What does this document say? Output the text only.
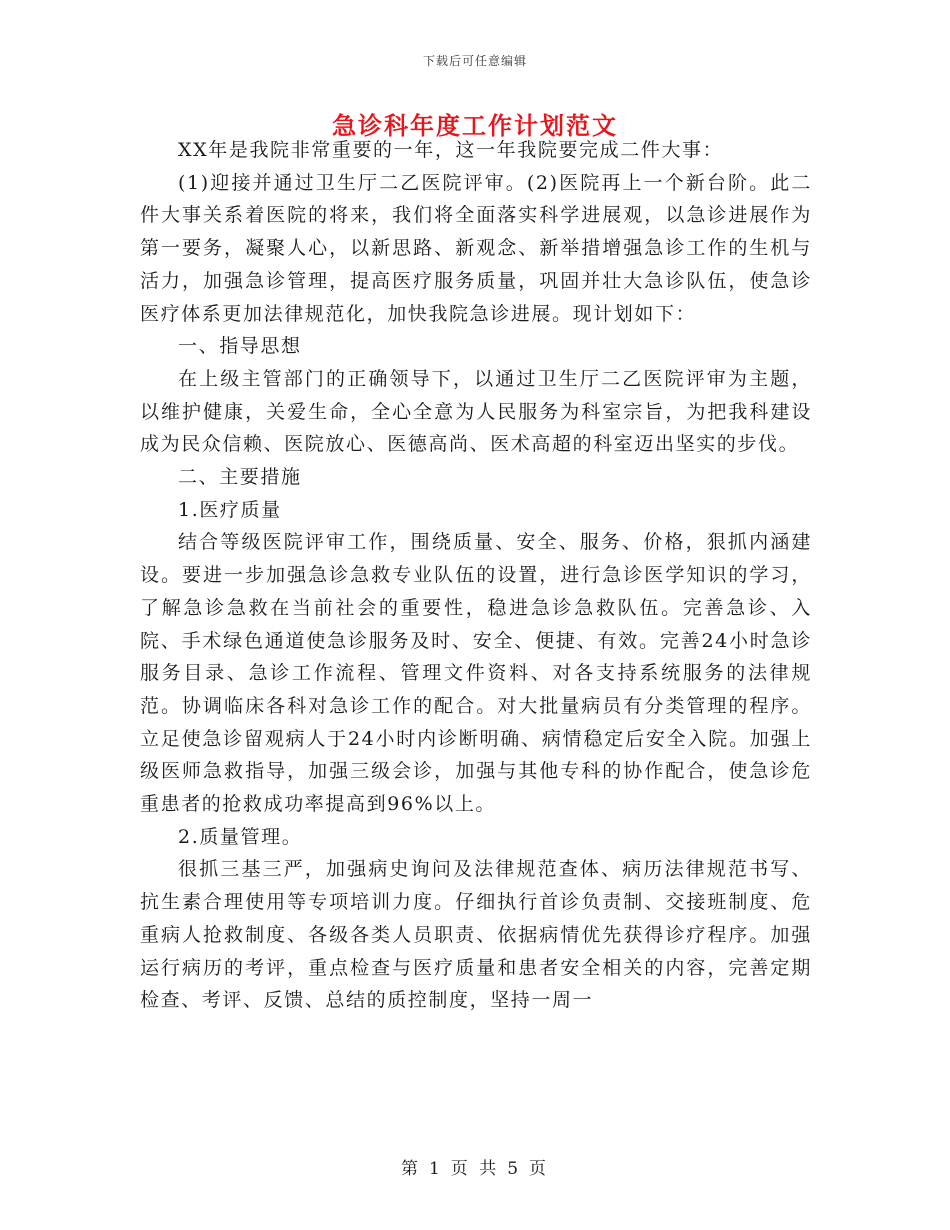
下载后可任意编辑
急诊科年度工作计划范文

XX年是我院非常重要的一年，这一年我院要完成二件大事：

(1)迎接并通过卫生厅二乙医院评审。(2)医院再上一个新台阶。此二件大事关系着医院的将来，我们将全面落实科学进展观，以急诊进展作为第一要务，凝聚人心，以新思路、新观念、新举措增强急诊工作的生机与活力，加强急诊管理，提高医疗服务质量，巩固并壮大急诊队伍，使急诊医疗体系更加法律规范化，加快我院急诊进展。现计划如下：

一、指导思想

在上级主管部门的正确领导下，以通过卫生厅二乙医院评审为主题，以维护健康，关爱生命，全心全意为人民服务为科室宗旨，为把我科建设成为民众信赖、医院放心、医德高尚、医术高超的科室迈出坚实的步伐。

二、主要措施

1.医疗质量

结合等级医院评审工作，围绕质量、安全、服务、价格，狠抓内涵建设。要进一步加强急诊急救专业队伍的设置，进行急诊医学知识的学习，了解急诊急救在当前社会的重要性，稳进急诊急救队伍。完善急诊、入院、手术绿色通道使急诊服务及时、安全、便捷、有效。完善24小时急诊服务目录、急诊工作流程、管理文件资料、对各支持系统服务的法律规范。协调临床各科对急诊工作的配合。对大批量病员有分类管理的程序。立足使急诊留观病人于24小时内诊断明确、病情稳定后安全入院。加强上级医师急救指导，加强三级会诊，加强与其他专科的协作配合，使急诊危重患者的抢救成功率提高到96%以上。

2.质量管理。

很抓三基三严，加强病史询问及法律规范查体、病历法律规范书写、抗生素合理使用等专项培训力度。仔细执行首诊负责制、交接班制度、危重病人抢救制度、各级各类人员职责、依据病情优先获得诊疗程序。加强运行病历的考评，重点检查与医疗质量和患者安全相关的内容，完善定期检查、考评、反馈、总结的质控制度，坚持一周一

第 1 页 共 5 页
